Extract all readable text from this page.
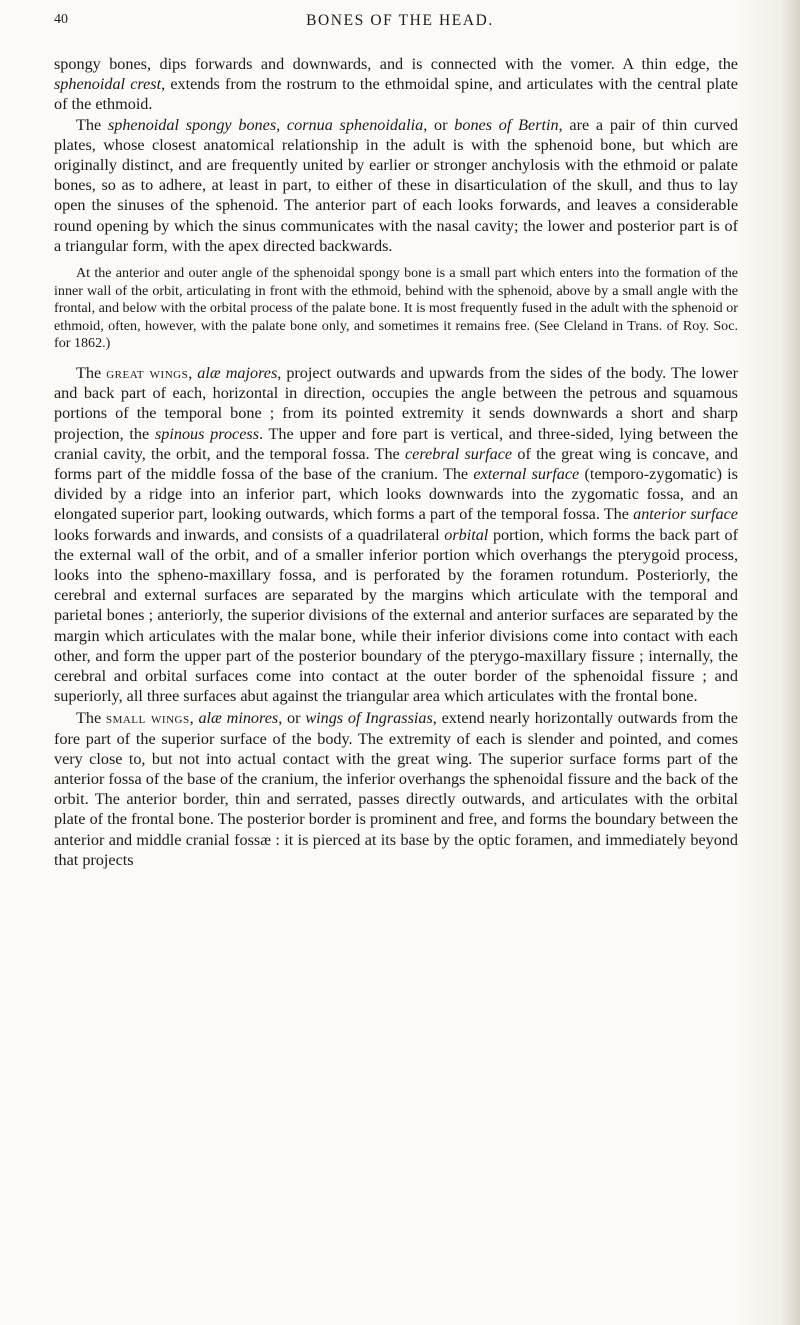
40	BONES OF THE HEAD.

spongy bones, dips forwards and downwards, and is connected with the vomer. A thin edge, the sphenoidal crest, extends from the rostrum to the ethmoidal spine, and articulates with the central plate of the ethmoid.

The sphenoidal spongy bones, cornua sphenoidalia, or bones of Bertin, are a pair of thin curved plates, whose closest anatomical relationship in the adult is with the sphenoid bone, but which are originally distinct, and are frequently united by earlier or stronger anchylosis with the ethmoid or palate bones, so as to adhere, at least in part, to either of these in disarticulation of the skull, and thus to lay open the sinuses of the sphenoid. The anterior part of each looks forwards, and leaves a considerable round opening by which the sinus communicates with the nasal cavity; the lower and posterior part is of a triangular form, with the apex directed backwards.

At the anterior and outer angle of the sphenoidal spongy bone is a small part which enters into the formation of the inner wall of the orbit, articulating in front with the ethmoid, behind with the sphenoid, above by a small angle with the frontal, and below with the orbital process of the palate bone. It is most frequently fused in the adult with the sphenoid or ethmoid, often, however, with the palate bone only, and sometimes it remains free. (See Cleland in Trans. of Roy. Soc. for 1862.)

The great wings, alæ majores, project outwards and upwards from the sides of the body. The lower and back part of each, horizontal in direction, occupies the angle between the petrous and squamous portions of the temporal bone ; from its pointed extremity it sends downwards a short and sharp projection, the spinous process. The upper and fore part is vertical, and three-sided, lying between the cranial cavity, the orbit, and the temporal fossa. The cerebral surface of the great wing is concave, and forms part of the middle fossa of the base of the cranium. The external surface (temporo-zygomatic) is divided by a ridge into an inferior part, which looks downwards into the zygomatic fossa, and an elongated superior part, looking outwards, which forms a part of the temporal fossa. The anterior surface looks forwards and inwards, and consists of a quadrilateral orbital portion, which forms the back part of the external wall of the orbit, and of a smaller inferior portion which overhangs the pterygoid process, looks into the spheno-maxillary fossa, and is perforated by the foramen rotundum. Posteriorly, the cerebral and external surfaces are separated by the margins which articulate with the temporal and parietal bones ; anteriorly, the superior divisions of the external and anterior surfaces are separated by the margin which articulates with the malar bone, while their inferior divisions come into contact with each other, and form the upper part of the posterior boundary of the pterygo-maxillary fissure ; internally, the cerebral and orbital surfaces come into contact at the outer border of the sphenoidal fissure ; and superiorly, all three surfaces abut against the triangular area which articulates with the frontal bone.

The small wings, alæ minores, or wings of Ingrassias, extend nearly horizontally outwards from the fore part of the superior surface of the body. The extremity of each is slender and pointed, and comes very close to, but not into actual contact with the great wing. The superior surface forms part of the anterior fossa of the base of the cranium, the inferior overhangs the sphenoidal fissure and the back of the orbit. The anterior border, thin and serrated, passes directly outwards, and articulates with the orbital plate of the frontal bone. The posterior border is prominent and free, and forms the boundary between the anterior and middle cranial fossæ : it is pierced at its base by the optic foramen, and immediately beyond that projects
